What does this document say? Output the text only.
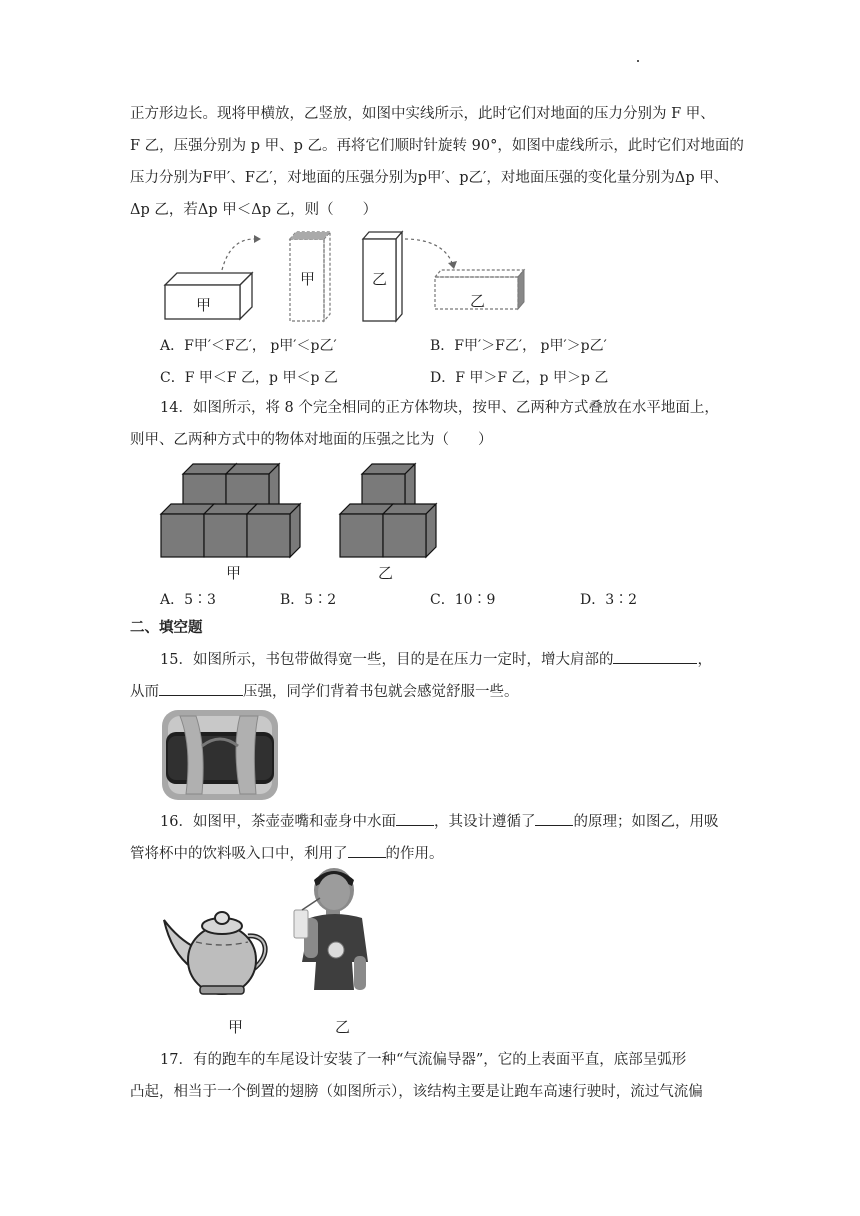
正方形边长。现将甲横放，乙竖放，如图中实线所示，此时它们对地面的压力分别为 F 甲、
F 乙，压强分别为 p 甲、p 乙。再将它们顺时针旋转 90°，如图中虚线所示，此时它们对地面的
压力分别为F甲′、F乙′，对地面的压强分别为p甲′、p乙′，对地面压强的变化量分别为Δp 甲、
Δp 乙，若Δp 甲＜Δp 乙，则（　　）
甲
甲	乙
乙
A．F甲′＜F乙′， p甲′＜p乙′	B．F甲′＞F乙′， p甲′＞p乙′
C．F 甲＜F 乙，p 甲＜p 乙	D．F 甲＞F 乙，p 甲＞p 乙
14．如图所示，将 8 个完全相同的正方体物块，按甲、乙两种方式叠放在水平地面上，
则甲、乙两种方式中的物体对地面的压强之比为（　　）
甲	乙
A．5∶3	B．5∶2	C．10∶9	D．3∶2
二、填空题
15．如图所示，书包带做得宽一些，目的是在压力一定时，增大肩部的	，
从而	压强，同学们背着书包就会感觉舒服一些。
16．如图甲，茶壶壶嘴和壶身中水面	，其设计遵循了	的原理；如图乙，用吸
管将杯中的饮料吸入口中，利用了	的作用。
甲	乙
17．有的跑车的车尾设计安装了一种“气流偏导器”，它的上表面平直，底部呈弧形
凸起，相当于一个倒置的翅膀（如图所示），该结构主要是让跑车高速行驶时，流过气流偏
